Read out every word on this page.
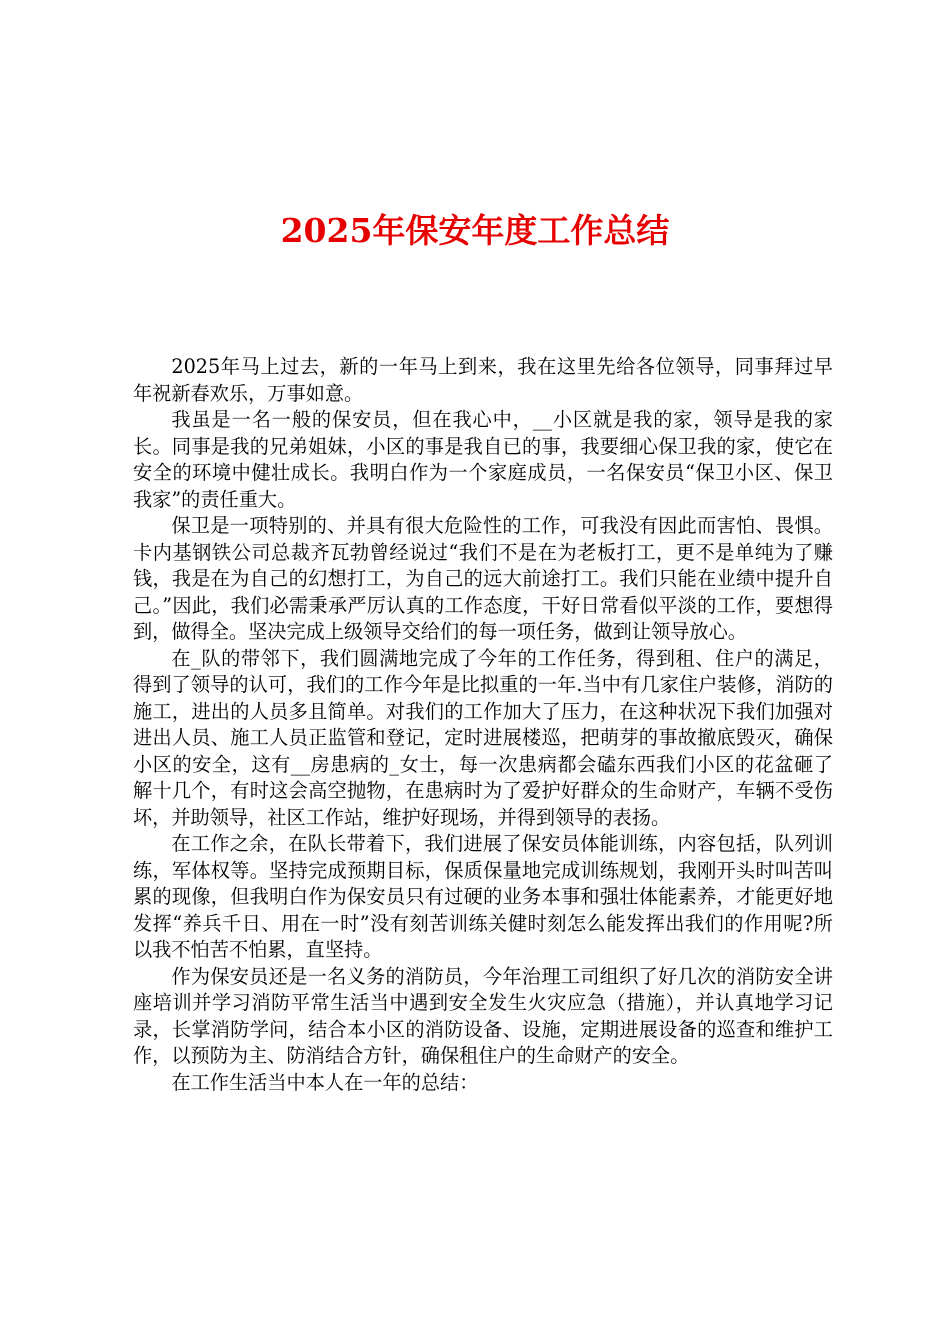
2025年保安年度工作总结

2025年马上过去，新的一年马上到来，我在这里先给各位领导，同事拜过早年祝新春欢乐，万事如意。

我虽是一名一般的保安员，但在我心中，__小区就是我的家，领导是我的家长。同事是我的兄弟姐妹，小区的事是我自已的事，我要细心保卫我的家，使它在安全的环境中健壮成长。我明白作为一个家庭成员，一名保安员“保卫小区、保卫我家”的责任重大。

保卫是一项特别的、并具有很大危险性的工作，可我没有因此而害怕、畏惧。卡内基钢铁公司总裁齐瓦勃曾经说过“我们不是在为老板打工，更不是单纯为了赚钱，我是在为自己的幻想打工，为自己的远大前途打工。我们只能在业绩中提升自己。”因此，我们必需秉承严厉认真的工作态度，干好日常看似平淡的工作，要想得到，做得全。坚决完成上级领导交给们的每一项任务，做到让领导放心。

在_队的带邻下，我们圆满地完成了今年的工作任务，得到租、住户的满足，得到了领导的认可，我们的工作今年是比拟重的一年.当中有几家住户装修，消防的施工，进出的人员多且简单。对我们的工作加大了压力，在这种状况下我们加强对进出人员、施工人员正监管和登记，定时进展楼巡，把萌芽的事故撤底毁灭，确保小区的安全，这有__房患病的_女士，每一次患病都会磕东西我们小区的花盆砸了解十几个，有时这会高空抛物，在患病时为了爱护好群众的生命财产，车辆不受伤坏，并助领导，社区工作站，维护好现场，并得到领导的表扬。

在工作之余，在队长带着下，我们进展了保安员体能训练，内容包括，队列训练，军体权等。坚持完成预期目标，保质保量地完成训练规划，我刚开头时叫苦叫累的现像，但我明白作为保安员只有过硬的业务本事和强壮体能素养，才能更好地发挥“养兵千日、用在一时”没有刻苦训练关健时刻怎么能发挥出我们的作用呢?所以我不怕苦不怕累，直坚持。

作为保安员还是一名义务的消防员，今年治理工司组织了好几次的消防安全讲座培训并学习消防平常生活当中遇到安全发生火灾应急（措施），并认真地学习记录，长掌消防学问，结合本小区的消防设备、设施，定期进展设备的巡查和维护工作，以预防为主、防消结合方针，确保租住户的生命财产的安全。

在工作生活当中本人在一年的总结：
